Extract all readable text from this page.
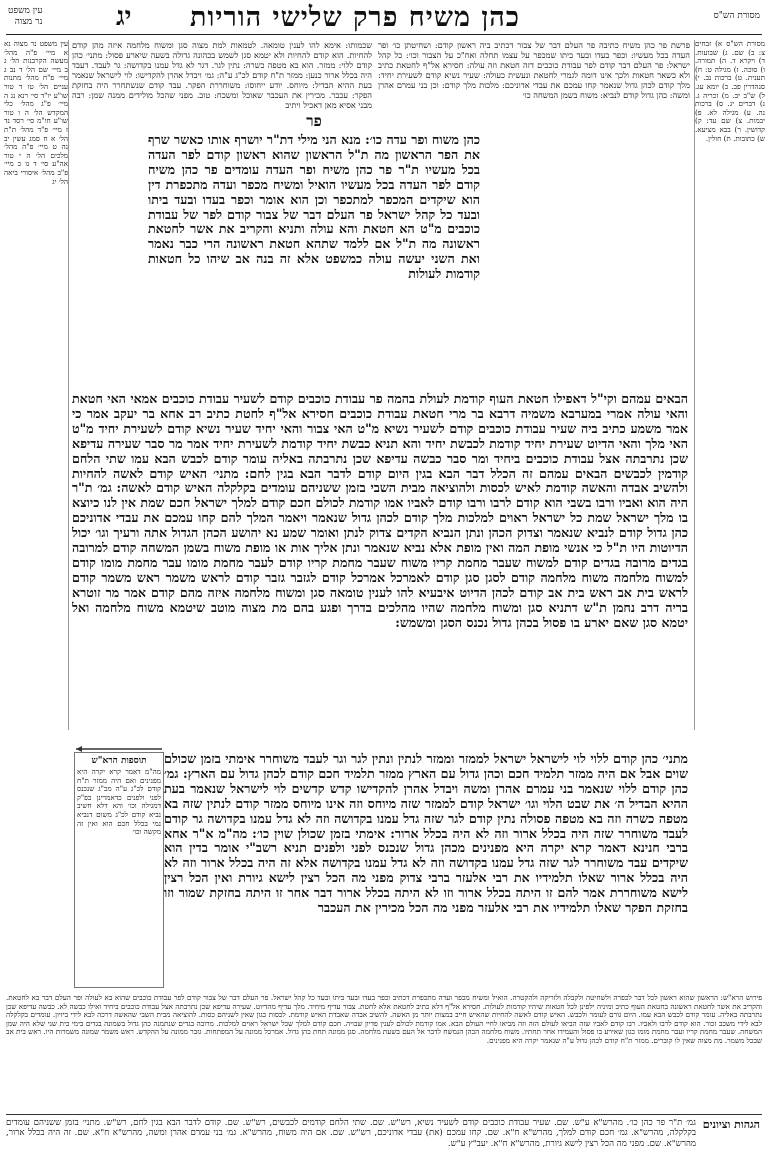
עין משפט
נר מצוה	יג כהן משיח פרק שלישי הוריות	מסורת הש"ס
עין משפט נר מצוה נא א מיי׳ פ"ה מהל׳ מעשה הקרבנות הל׳ ג ב מיי׳ שם הל׳ ד נב ג מיי׳ פ"ח מהל׳ מתנות עניים הל׳ טו ד טור שו"ע יו"ד סי׳ רנא נג ה מיי׳ פ"ג מהל׳ כלי המקדש הל׳ ה ו טור שו"ע חו"מ סי׳ רסד נד ז מיי׳ פ"ד מהל׳ ת"ת הל׳ א ח סמג עשין יב נה ט מיי׳ פ"ה מהל׳ מלכים הל׳ ה י טור אה"ע סי׳ ד נו כ מיי׳ פ"ב מהל׳ איסורי ביאה הל׳ יג
מסורת הש"ס א) זבחים צ: ב) שם. ג) שבועות. ד) ויקרא ד. ה) תמורה. ו) סוכה. ז) מגילה ט: ח) תענית. ט) ברכות נב. י) סנהדרין פב. כ) יומא עג. ל) ש"ב יב. מ) זכריה ג. נ) דברים יג. ס) ברכות נה. ע) מגילה לא. פ) יבמות. צ) שם עד: ק) קדושין. ר) בבא מציעא. ש) כתובות. ת) חולין.
פרשת פר כהן משיח כתיבה פר העלם דבר של צבור דכתיב ביה ראשון קודם: ושחיטתן כו׳ ופר העדה בכל מעשיו: וכפר בעדו ובעד ביתו שמכפר על עצמו תחלה ואח"כ על הצבור וכו׳: כל קהל ישראל: פר העלם דבר קודם לפר עבודת כוכבים דזה חטאת וזה עולה: חסירא אל"ף לחטאת כתיב ולא כשאר חטאות ולכך אינו דומה לגמרי לחטאת ונעשית כעולה: שעיר נשיא קודם לשעירת יחיד: מלך קודם לכהן גדול שנאמר קחו עמכם את עבדי אדוניכם: מלכות מלך קודם: וכן בני עמרם אהרן ומשה: כהן גדול קודם לנביא: משוח בשמן המשחה כו׳
שכמותו: אימא להו לענין טומאה. לטמאות למת מצוה סגן ומשוח מלחמה איזה מהן קודם להחיות. הוא קודם להחיות ולא יטמא סגן לשמש בכהונה גדולה בשעה שיארע פסול: מתני׳ כהן קודם ללוי: ממזר. הוא בא מטפה כשרה: נתין לגר. דגר לא גדל עמנו בקדושה: גר לעבד. דעבד היה בכלל ארור כנען: ממזר ת"ח קודם לכ"ג ע"ה: גמ׳ ויבדל אהרן להקדישו: לוי לישראל שנאמר בעת ההיא הבדיל: מיוחס. יודע ייחוסו: משוחררת הפקר. עבד קודם שנשתחרר היה בחזקת הפקר: עכבר. מכירין את העכבר שאוכל ומשכח: טוב. מפני שהכל מולידים ממנה שמן: רבה מבני אסיא מאן דאכיל ויתיב
פר
כהן משוח ופר עדה כו׳: מנא הני מילי דת"ר יושרף אותו כאשר שרף את הפר הראשון מה ת"ל הראשון שהוא ראשון קודם לפר העדה בכל מעשיו ת"ר פר כהן משיח ופר העדה עומדים פר כהן משיח קודם לפר העדה בכל מעשיו הואיל ומשיח מכפר ועדה מתכפרת דין הוא שיקדים המכפר למתכפר וכן הוא אומר וכפר בעדו ובעד ביתו ובעד כל קהל ישראל פר העלם דבר של צבור קודם לפר של עבודת כוכבים מ"ט הא חטאת והא עולה ותניא והקריב את אשר לחטאת ראשונה מה ת"ל אם ללמד שתהא חטאת ראשונה הרי כבר נאמר ואת השני יעשה עולה כמשפט אלא זה בנה אב שיהו כל חטאות קודמות לעולות
הבאים עמהם וקי"ל דאפילו חטאת העוף קודמת לעולת בהמה פר עבודת כוכבים קודם לשעיר עבודת כוכבים אמאי האי חטאת והאי עולה אמרי במערבא משמיה דרבא בר מרי חטאת עבודת כוכבים חסירא אל"ף לחטת כתיב רב אחא בר יעקב אמר כי אמר משמע כתיב ביה שעיר עבודת כוכבים קודם לשעיר נשיא מ"ט האי צבור והאי יחיד שעיר נשיא קודם לשעירת יחיד מ"ט האי מלך והאי הדיוט שעירת יחיד קודמת לכבשת יחיד והא תניא כבשת יחיד קודמת לשעירת יחיד אמר מר סבר שעירה עדיפא שכן נתרבתה אצל עבודת כוכבים ביחיד ומר סבר כבשה עדיפא שכן נתרבתה באליה עומר קודם לכבש הבא עמו שתי הלחם קודמין לכבשים הבאים עמהם זה הכלל דבר הבא בגין היום קודם לדבר הבא בגין לחם: מתני׳ האיש קודם לאשה להחיות ולהשיב אבדה והאשה קודמת לאיש לכסות ולהוציאה מבית השבי בזמן ששניהם עומדים בקלקלה האיש קודם לאשה: גמ׳ ת"ר היה הוא ואביו ורבו בשבי הוא קודם לרבו ורבו קודם לאביו אמו קודמת לכולם חכם קודם למלך ישראל חכם שמת אין לנו כיוצא בו מלך ישראל שמת כל ישראל ראוים למלכות מלך קודם לכהן גדול שנאמר ויאמר המלך להם קחו עמכם את עבדי אדוניכם כהן גדול קודם לנביא שנאמר וצדוק הכהן ונתן הנביא הקדים צדוק לנתן ואומר שמע נא יהושע הכהן הגדול אתה ורעיך וגו׳ יכול הדיוטות היו ת"ל כי אנשי מופת המה ואין מופת אלא נביא שנאמר ונתן אליך אות או מופת משוח בשמן המשחה קודם למרובה בגדים מרובה בגדים קודם למשוח שעבר מחמת קריו משוח שעבר מחמת קריו קודם לעבר מחמת מומו עבר מחמת מומו קודם למשוח מלחמה משוח מלחמה קודם לסגן סגן קודם לאמרכל אמרכל קודם לגזבר גזבר קודם לראש משמר ראש משמר קודם לראש בית אב ראש בית אב קודם לכהן הדיוט איבעיא להו לענין טומאה סגן ומשוח מלחמה איזה מהם קודם אמר מר זוטרא בריה דרב נחמן ת"ש דתניא סגן ומשוח מלחמה שהיו מהלכים בדרך ופגע בהם מת מצוה מוטב שיטמא משוח מלחמה ואל יטמא סגן שאם יארע בו פסול בכהן גדול נכנס הסגן ומשמש:
תוספות הרא"ש
מה"מ דאמר קרא יקרה היא מפנינים ואם היה ממזר ת"ח קודם לכ"ג ע"ה מכ"ג שנכנס לפני ולפנים כדאמרינן בפ"ק דמגילה וכו׳ והא דלא חשיב נביא קודם לכ"ג משום דנביא נמי בכלל חכם הוא ואין זה מקשה וכו׳
מתני׳ כהן קודם ללוי לוי לישראל ישראל לממזר וממזר לנתין ונתין לגר וגר לעבד משוחרר אימתי בזמן שכולם שוים אבל אם היה ממזר תלמיד חכם וכהן גדול עם הארץ ממזר תלמיד חכם קודם לכהן גדול עם הארץ: גמ׳ כהן קודם ללוי שנאמר בני עמרם אהרן ומשה ויבדל אהרן להקדישו קדש קדשים לוי לישראל שנאמר בעת ההיא הבדיל ה׳ את שבט הלוי וגו׳ ישראל קודם לממזר שזה מיוחס וזה אינו מיוחס ממזר קודם לנתין שזה בא מטפה כשרה וזה בא מטפה פסולה נתין קודם לגר שזה גדל עמנו בקדושה וזה לא גדל עמנו בקדושה גר קודם לעבד משוחרר שזה היה בכלל ארור וזה לא היה בכלל ארור: אימתי בזמן שכולן שוין כו׳: מה"מ א"ר אחא ברבי חנינא דאמר קרא יקרה היא מפנינים מכהן גדול שנכנס לפני ולפנים תניא רשב"י אומר בדין הוא שיקדים עבד משוחרר לגר שזה גדל עמנו בקדושה וזה לא גדל עמנו בקדושה אלא זה היה בכלל ארור וזה לא היה בכלל ארור שאלו תלמידיו את רבי אלעזר ברבי צדוק מפני מה הכל רצין לישא גיורת ואין הכל רצין לישא משוחררת אמר להם זו היתה בכלל ארור וזו לא היתה בכלל ארור דבר אחר זו היתה בחזקת שמור וזו בחזקת הפקר שאלו תלמידיו את רבי אלעזר מפני מה הכל מכירין את העכבר
פירוש הרא"ש: הראשון שהוא ראשון לכל דבר לכפרה ולשחיטה ולקבלה ולזריקה ולהקטרה. הואיל ומשיח מכפר ועדה מתכפרת דכתיב וכפר בעדו ובעד ביתו ובעד כל קהל ישראל. פר העלם דבר של צבור קודם לפר עבודת כוכבים שהוא בא לעולה ופר העלם דבר בא לחטאת. והקריב את אשר לחטאת ראשונה בחטאת העוף כתיב ומיניה ילפינן לכל חטאות שיהיו קודמות לעולות. חסירא אל"ף דלא כתיב לחטאת אלא לחטת. צבור עדיף מיחיד. מלך עדיף מהדיוט. שעירה עדיפא שכן נתרבתה אצל עבודת כוכבים ביחיד ואילו כבשה לא. כבשה עדיפא שכן נתרבתה באליה. עומר קודם לכבש הבא עמו. היום גורם לעומר ולכבש. האיש קודם לאשה להחיות שהאיש חייב במצות יותר מן האשה. להשיב אבדה שאבדת האיש קודמת. לכסות כגון שאין לשניהם כסות. להוציאה מבית השבי שהאשה דרכה לבא לידי ביזיון. עומדים בקלקלה לבא לידי משכב זכור. הוא קודם לרבו ולאביו. רבו קודם לאביו שזה הביאו לעולם הזה וזה מביאו לחיי העולם הבא. אמו קודמת לכולם לענין פדיון שבויה. חכם קודם למלך שכל ישראל ראוים למלכות. מרובה בגדים שנתמנה כהן גדול בשמונה בגדים בימי בית שני שלא היה שמן המשחה. שעבר מחמת קריו ועבר מחמת מומו כגון שאירע בו פסול והעמידו אחר תחתיו. משוח מלחמה הכהן הנמשח לדבר אל העם בשעת מלחמה. סגן ממונה תחת כהן גדול. אמרכל ממונה על המפתחות. גזבר ממונה על ההקדש. ראש משמר שמונה משמרות היו. ראש בית אב שבכל משמר. מת מצוה שאין לו קוברים. ממזר ת"ח קודם לכהן גדול ע"ה שנאמר יקרה היא מפנינים.
הגהות וציונים
גמ׳ ת"ר פר כהן כו׳. מהרש"א ע"ש. שם. שעיר עבודת כוכבים קודם לשעיר נשיא, רש"ש. שם. שתי הלחם קודמים לכבשים, רש"ש. שם. קודם לדבר הבא בגין לחם, רש"ש. מתני׳ בזמן ששניהם עומדים בקלקלה, מהרש"א. גמ׳ חכם קודם למלך, מהרש"א ח"א. שם. קחו עמכם (את) עבדי אדוניכם, רש"ש. שם. אם היה משוח, מהרש"א. גמ׳ בני עמרם אהרן ומשה, מהרש"א ח"א. שם. זה היה בכלל ארור, מהרש"א. שם. מפני מה הכל רצין לישא גיורת, מהרש"א ח"א. יעב"ץ ע"ש.
